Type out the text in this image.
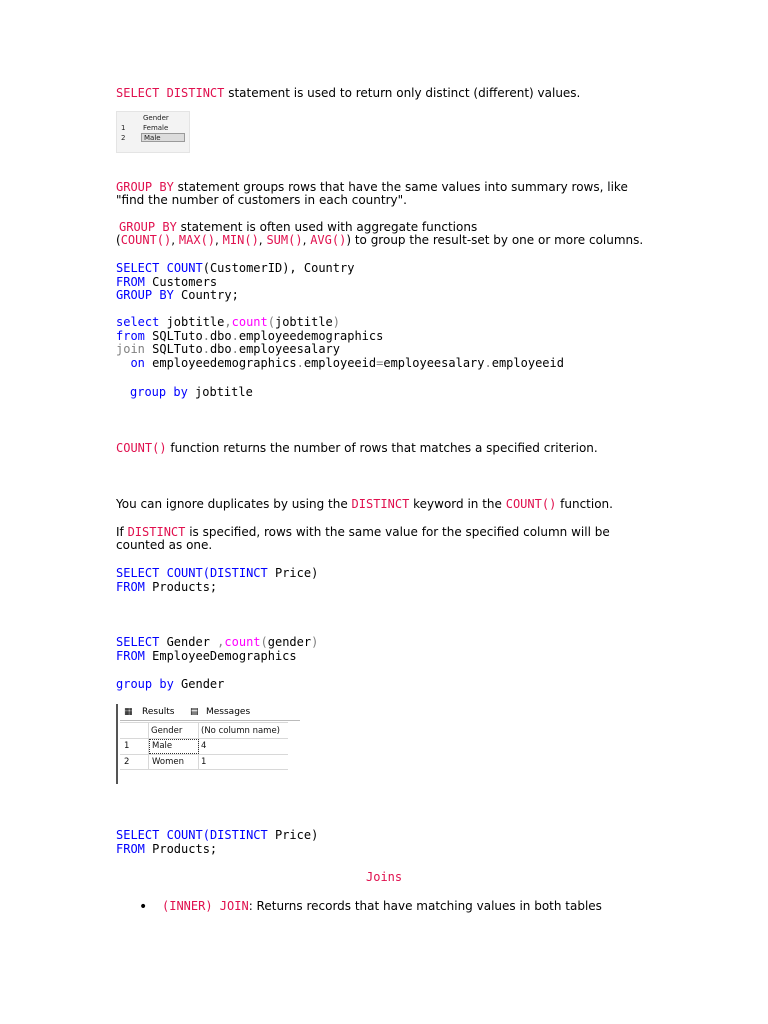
SELECT DISTINCT statement is used to return only distinct (different) values.
Gender
1	Female
2	Male
GROUP BY statement groups rows that have the same values into summary rows, like "find the number of customers in each country".
GROUP BY statement is often used with aggregate functions
(COUNT(), MAX(), MIN(), SUM(), AVG()) to group the result-set by one or more columns.
SELECT COUNT(CustomerID), Country
FROM Customers
GROUP BY Country;
select jobtitle,count(jobtitle)
from SQLTuto.dbo.employeedemographics
join SQLTuto.dbo.employeesalary
on employeedemographics.employeeid=employeesalary.employeeid
group by jobtitle
COUNT() function returns the number of rows that matches a specified criterion.
You can ignore duplicates by using the DISTINCT keyword in the COUNT() function.
If DISTINCT is specified, rows with the same value for the specified column will be counted as one.
SELECT COUNT(DISTINCT Price)
FROM Products;
SELECT Gender ,count(gender)
FROM EmployeeDemographics
group by Gender
▦ Results ▤ Messages
Gender (No column name)
1	Male	4
2	Women 1
SELECT COUNT(DISTINCT Price)
FROM Products;
Joins
• (INNER) JOIN: Returns records that have matching values in both tables
